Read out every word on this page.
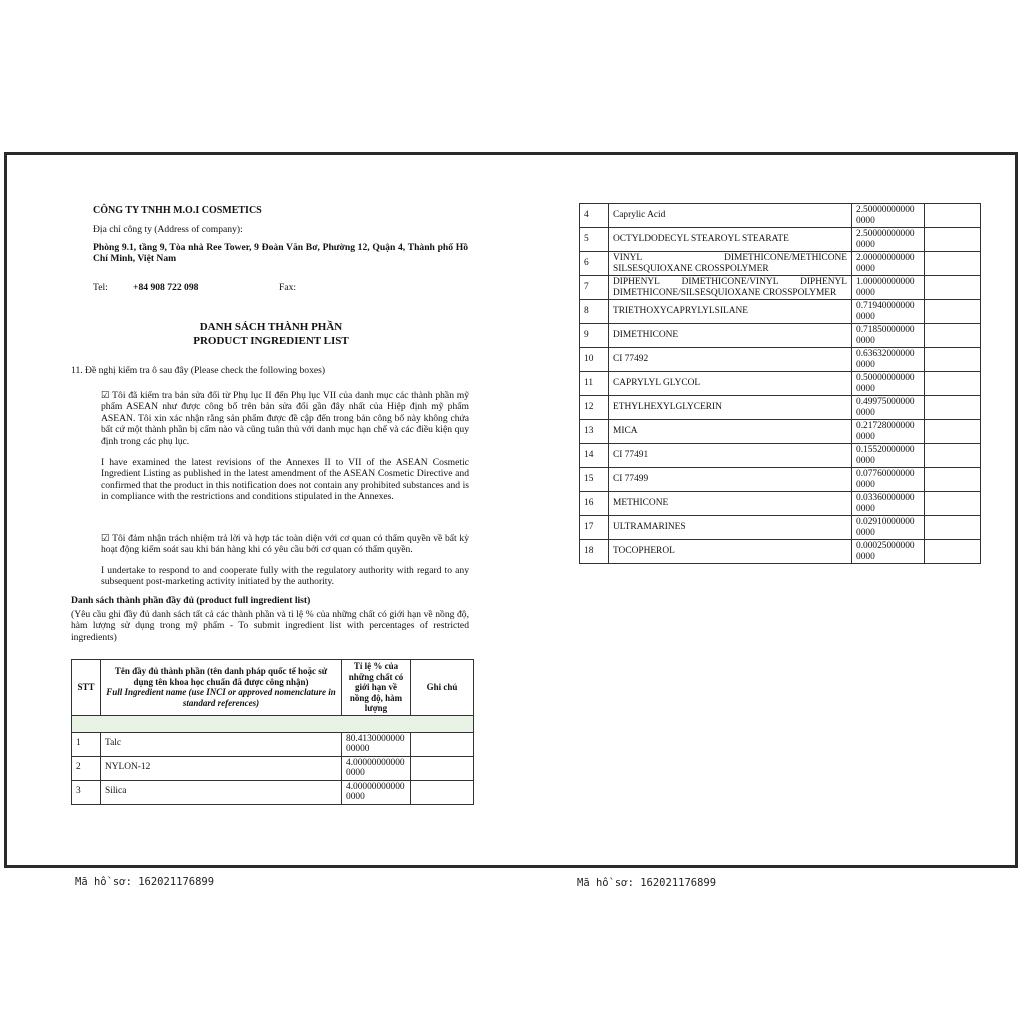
CÔNG TY TNHH M.O.I COSMETICS
Địa chỉ công ty (Address of company):
Phòng 9.1, tầng 9, Tòa nhà Ree Tower, 9 Đoàn Văn Bơ, Phường 12, Quận 4, Thành phố Hồ Chí Minh, Việt Nam
Tel:	+84 908 722 098	Fax:
DANH SÁCH THÀNH PHẦN
PRODUCT INGREDIENT LIST
11. Đề nghị kiểm tra ô sau đây (Please check the following boxes)
☑ Tôi đã kiểm tra bản sửa đổi từ Phụ lục II đến Phụ lục VII của danh mục các thành phần mỹ phẩm ASEAN như được công bố trên bản sửa đổi gần đây nhất của Hiệp định mỹ phẩm ASEAN. Tôi xin xác nhận rằng sản phẩm được đề cập đến trong bản công bố này không chứa bất cứ một thành phần bị cấm nào và cũng tuân thủ với danh mục hạn chế và các điều kiện quy định trong các phụ lục.
I have examined the latest revisions of the Annexes II to VII of the ASEAN Cosmetic Ingredient Listing as published in the latest amendment of the ASEAN Cosmetic Directive and confirmed that the product in this notification does not contain any prohibited substances and is in compliance with the restrictions and conditions stipulated in the Annexes.
☑ Tôi đảm nhận trách nhiệm trả lời và hợp tác toàn diện với cơ quan có thẩm quyền về bất kỳ hoạt động kiểm soát sau khi bán hàng khi có yêu cầu bởi cơ quan có thẩm quyền.
I undertake to respond to and cooperate fully with the regulatory authority with regard to any subsequent post-marketing activity initiated by the authority.
Danh sách thành phần đầy đủ (product full ingredient list)
(Yêu cầu ghi đầy đủ danh sách tất cả các thành phần và tỉ lệ % của những chất có giới hạn về nồng độ, hàm lượng sử dụng trong mỹ phẩm - To submit ingredient list with percentages of restricted ingredients)
STT	Tên đầy đủ thành phần (tên danh pháp quốc tế hoặc sử dụng tên khoa học chuẩn đã được công nhận)
Full Ingredient name (use INCI or approved nomenclature in standard references)	Tỉ lệ % của những chất có giới hạn về nồng độ, hàm lượng	Ghi chú

1	Talc	80.4130000000 00000	
2	NYLON-12	4.00000000000 0000	
3	Silica	4.00000000000 0000	
Mã hồ sơ: 162021176899
4	Caprylic Acid	2.50000000000 0000	
5	OCTYLDODECYL STEAROYL STEARATE	2.50000000000 0000	
6	VINYL DIMETHICONE/METHICONE SILSESQUIOXANE CROSSPOLYMER	2.00000000000 0000	
7	DIPHENYL DIMETHICONE/VINYL DIPHENYL DIMETHICONE/SILSESQUIOXANE CROSSPOLYMER	1.00000000000 0000	
8	TRIETHOXYCAPRYLYLSILANE	0.71940000000 0000	
9	DIMETHICONE	0.71850000000 0000	
10	CI 77492	0.63632000000 0000	
11	CAPRYLYL GLYCOL	0.50000000000 0000	
12	ETHYLHEXYLGLYCERIN	0.49975000000 0000	
13	MICA	0.21728000000 0000	
14	CI 77491	0.15520000000 0000	
15	CI 77499	0.07760000000 0000	
16	METHICONE	0.03360000000 0000	
17	ULTRAMARINES	0.02910000000 0000	
18	TOCOPHEROL	0.00025000000 0000	
Mã hồ sơ: 162021176899
